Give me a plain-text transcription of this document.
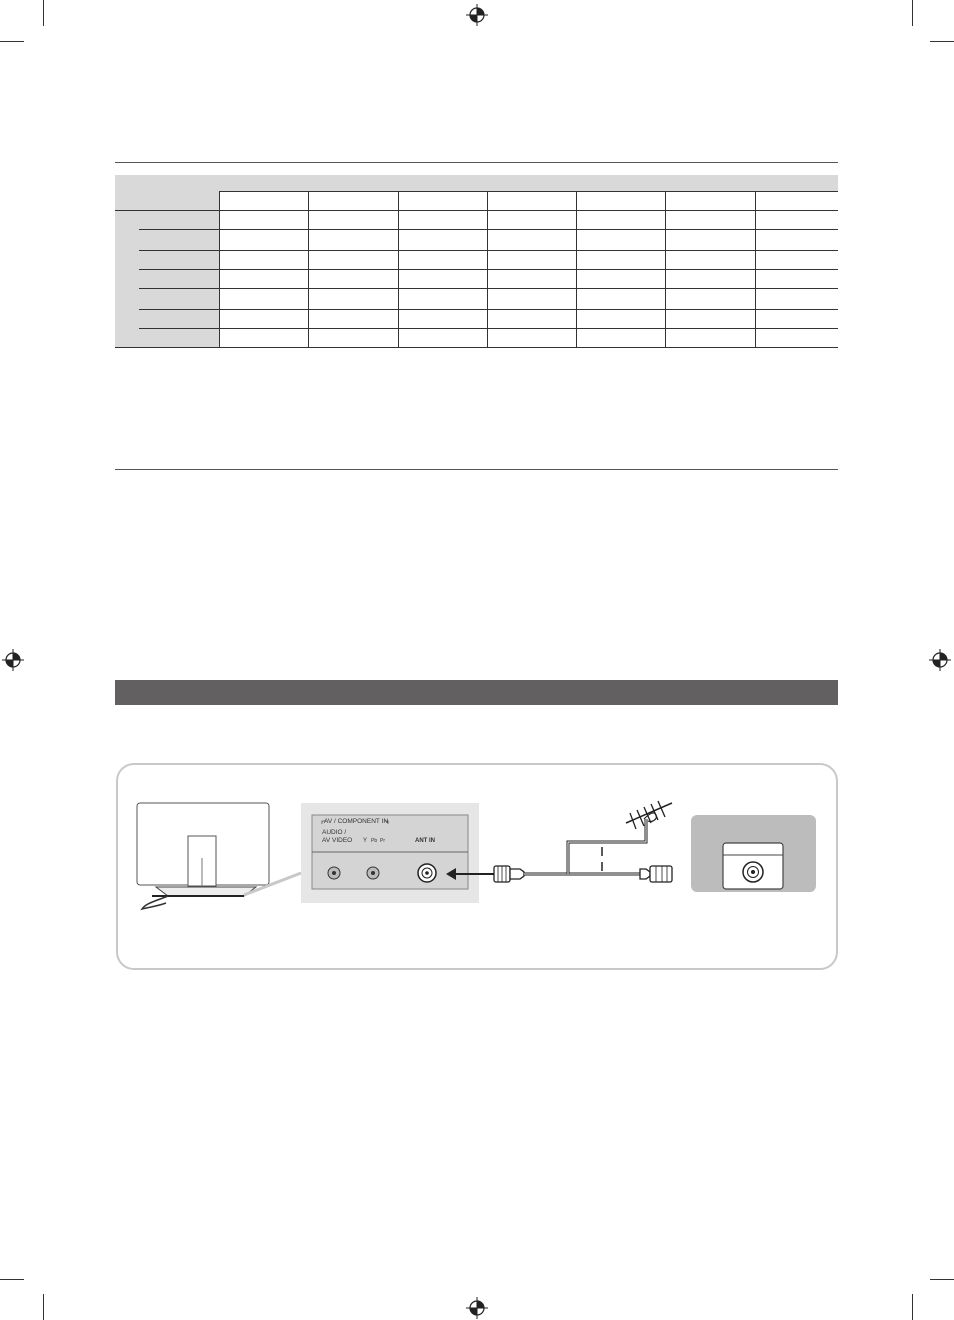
AV / COMPONENT IN
AUDIO /
AV VIDEO Y Pb Pr	ANT IN
